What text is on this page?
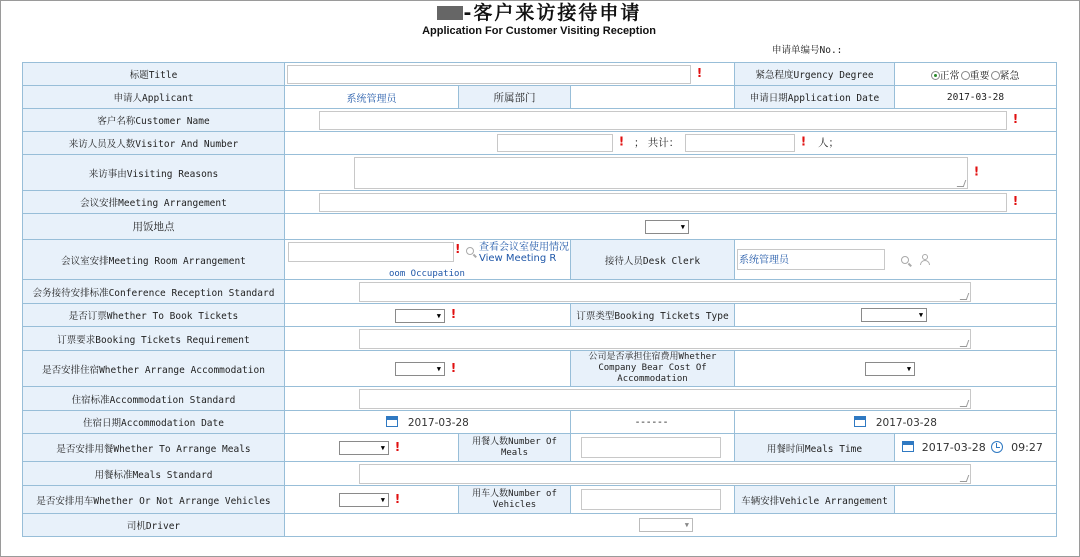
-客户来访接待申请
Application For Customer Visiting Reception
申请单编号No.:
标题Title	!			紧急程度Urgency Degree	正常 重要 紧急
申请人Applicant	系统管理员	所属部门		申请日期Application Date	2017-03-28
客户名称Customer Name	!				
来访人员及人数Visitor And Number	! ； 共计： ! 人；				
来访事由Visiting Reasons	!				
会议安排Meeting Arrangement	!				
用饭地点	▼				

会议室安排Meeting Room Arrangement	! 查看会议室使用情况View Meeting R
oom Occupation		接待人员Desk Clerk	系统管理员	

会务接待安排标准Conference Reception Standard					

是否订票Whether To Book Tickets	▼ !		订票类型Booking Tickets Type	▼	

订票要求Booking Tickets Requirement					

是否安排住宿Whether Arrange Accommodation	▼ !		公司是否承担住宿费用Whether Company Bear Cost Of Accommodation	▼	

住宿标准Accommodation Standard					

住宿日期Accommodation Date	2017-03-28		------	2017-03-28	
是否安排用餐Whether To Arrange Meals	▼ !	用餐人数Number Of Meals		用餐时间Meals Time	2017-03-28 09:27
用餐标准Meals Standard					

是否安排用车Whether Or Not Arrange Vehicles	▼ !	用车人数Number of Vehicles		车辆安排Vehicle Arrangement	
司机Driver	▼				
